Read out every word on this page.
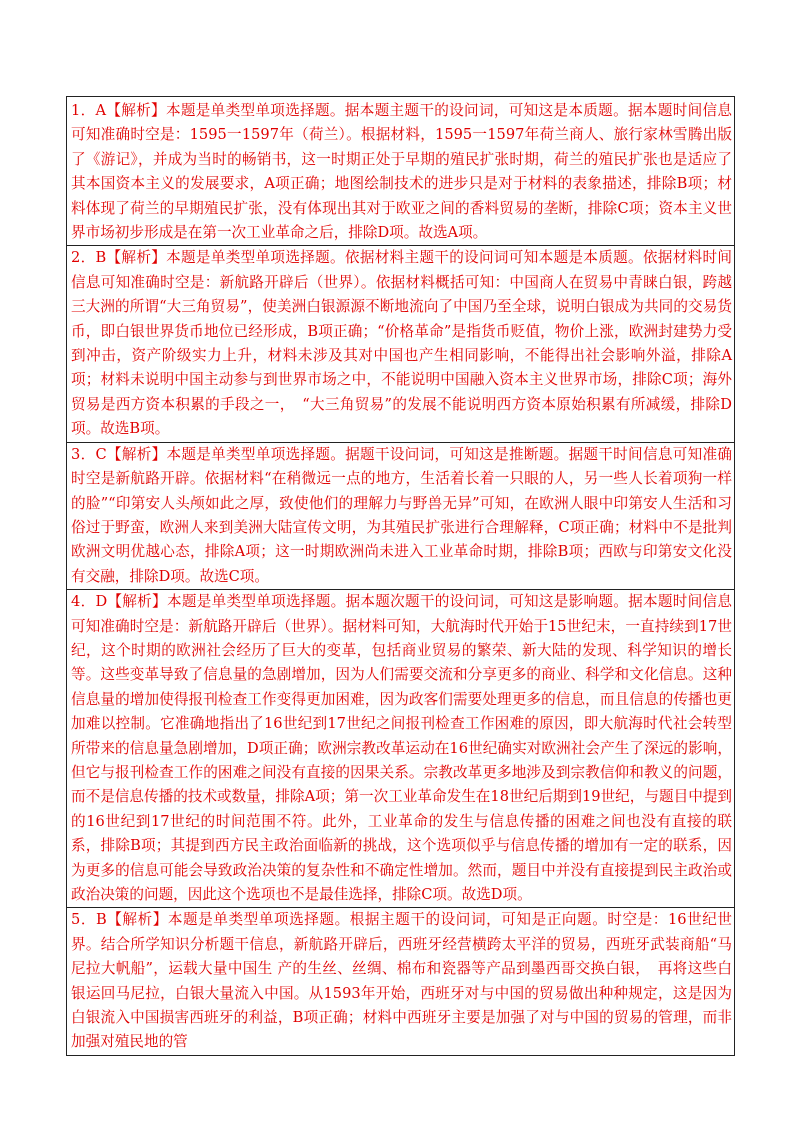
1．A【解析】本题是单类型单项选择题。据本题主题干的设问词，可知这是本质题。据本题时间信息可知准确时空是：1595一1597年（荷兰）。根据材料，1595一1597年荷兰商人、旅行家林雪腾出版了《游记》，并成为当时的畅销书，这一时期正处于早期的殖民扩张时期，荷兰的殖民扩张也是适应了其本国资本主义的发展要求，A项正确；地图绘制技术的进步只是对于材料的表象描述，排除B项；材料体现了荷兰的早期殖民扩张，没有体现出其对于欧亚之间的香料贸易的垄断，排除C项；资本主义世界市场初步形成是在第一次工业革命之后，排除D项。故选A项。

2．B【解析】本题是单类型单项选择题。依据材料主题干的设问词可知本题是本质题。依据材料时间信息可知准确时空是：新航路开辟后（世界）。依据材料概括可知：中国商人在贸易中青睐白银，跨越三大洲的所谓“大三角贸易”，使美洲白银源源不断地流向了中国乃至全球，说明白银成为共同的交易货币，即白银世界货币地位已经形成，B项正确；“价格革命”是指货币贬值，物价上涨，欧洲封建势力受到冲击，资产阶级实力上升，材料未涉及其对中国也产生相同影响，不能得出社会影响外溢，排除A项；材料未说明中国主动参与到世界市场之中，不能说明中国融入资本主义世界市场，排除C项；海外贸易是西方资本积累的手段之一，　“大三角贸易”的发展不能说明西方资本原始积累有所减缓，排除D项。故选B项。

3．C【解析】本题是单类型单项选择题。据题干设问词，可知这是推断题。据题干时间信息可知准确时空是新航路开辟。依据材料“在稍微远一点的地方，生活着长着一只眼的人，另一些人长着项狗一样的脸”“印第安人头颅如此之厚，致使他们的理解力与野兽无异”可知，在欧洲人眼中印第安人生活和习俗过于野蛮，欧洲人来到美洲大陆宣传文明，为其殖民扩张进行合理解释，C项正确；材料中不是批判欧洲文明优越心态，排除A项；这一时期欧洲尚未进入工业革命时期，排除B项；西欧与印第安文化没有交融，排除D项。故选C项。

4．D【解析】本题是单类型单项选择题。据本题次题干的设问词，可知这是影响题。据本题时间信息可知准确时空是：新航路开辟后（世界）。据材料可知，大航海时代开始于15世纪末，一直持续到17世纪，这个时期的欧洲社会经历了巨大的变革，包括商业贸易的繁荣、新大陆的发现、科学知识的增长等。这些变革导致了信息量的急剧增加，因为人们需要交流和分享更多的商业、科学和文化信息。这种信息量的增加使得报刊检查工作变得更加困难，因为政客们需要处理更多的信息，而且信息的传播也更加难以控制。它准确地指出了16世纪到17世纪之间报刊检查工作困难的原因，即大航海时代社会转型所带来的信息量急剧增加，D项正确；欧洲宗教改革运动在16世纪确实对欧洲社会产生了深远的影响，但它与报刊检查工作的困难之间没有直接的因果关系。宗教改革更多地涉及到宗教信仰和教义的问题，而不是信息传播的技术或数量，排除A项；第一次工业革命发生在18世纪后期到19世纪，与题目中提到的16世纪到17世纪的时间范围不符。此外，工业革命的发生与信息传播的困难之间也没有直接的联系，排除B项；其提到西方民主政治面临新的挑战，这个选项似乎与信息传播的增加有一定的联系，因为更多的信息可能会导致政治决策的复杂性和不确定性增加。然而，题目中并没有直接提到民主政治或政治决策的问题，因此这个选项也不是最佳选择，排除C项。故选D项。

5．B【解析】本题是单类型单项选择题。根据主题干的设问词，可知是正向题。时空是：16世纪世界。结合所学知识分析题干信息，新航路开辟后，西班牙经营横跨太平洋的贸易，西班牙武装商船“马尼拉大帆船”，运载大量中国生 产的生丝、丝绸、棉布和瓷器等产品到墨西哥交换白银，　再将这些白银运回马尼拉，白银大量流入中国。从1593年开始，西班牙对与中国的贸易做出种种规定，这是因为白银流入中国损害西班牙的利益，B项正确；材料中西班牙主要是加强了对与中国的贸易的管理，而非加强对殖民地的管
